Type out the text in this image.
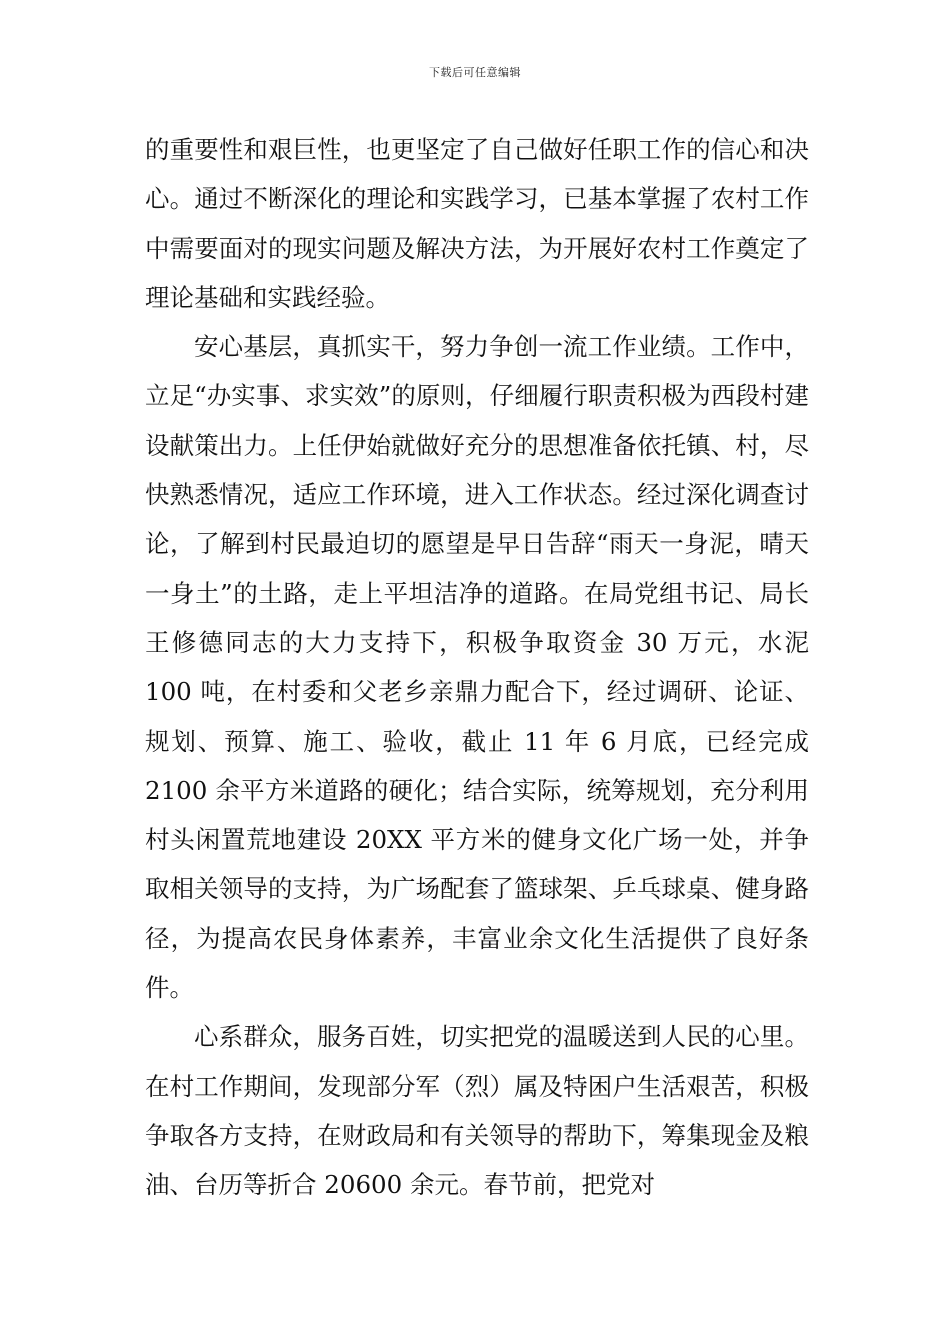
下载后可任意编辑

的重要性和艰巨性，也更坚定了自己做好任职工作的信心和决心。通过不断深化的理论和实践学习，已基本掌握了农村工作中需要面对的现实问题及解决方法，为开展好农村工作奠定了理论基础和实践经验。

安心基层，真抓实干，努力争创一流工作业绩。工作中，立足“办实事、求实效”的原则，仔细履行职责积极为西段村建设献策出力。上任伊始就做好充分的思想准备依托镇、村，尽快熟悉情况，适应工作环境，进入工作状态。经过深化调查讨论，了解到村民最迫切的愿望是早日告辞“雨天一身泥，晴天一身土”的土路，走上平坦洁净的道路。在局党组书记、局长王修德同志的大力支持下，积极争取资金 30 万元，水泥 100 吨，在村委和父老乡亲鼎力配合下，经过调研、论证、规划、预算、施工、验收，截止 11 年 6 月底，已经完成 2100 余平方米道路的硬化；结合实际，统筹规划，充分利用村头闲置荒地建设 20XX 平方米的健身文化广场一处，并争取相关领导的支持，为广场配套了篮球架、乒乓球桌、健身路径，为提高农民身体素养，丰富业余文化生活提供了良好条件。

心系群众，服务百姓，切实把党的温暖送到人民的心里。在村工作期间，发现部分军（烈）属及特困户生活艰苦，积极争取各方支持，在财政局和有关领导的帮助下，筹集现金及粮油、台历等折合 20600 余元。春节前，把党对
